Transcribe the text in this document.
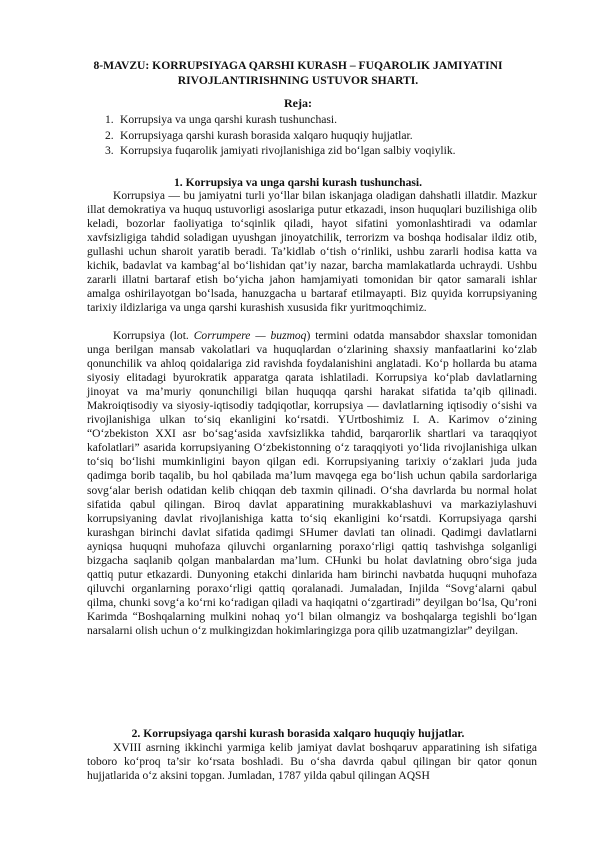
8-MAVZU: KORRUPSIYAGA QARSHI KURASH – FUQAROLIK JAMIYATINI RIVOJLANTIRISHNING USTUVOR SHARTI.
Reja:
1. Korrupsiya va unga qarshi kurash tushunchasi.
2. Korrupsiyaga qarshi kurash borasida xalqaro huquqiy hujjatlar.
3. Korrupsiya fuqarolik jamiyati rivojlanishiga zid bo‘lgan salbiy voqiylik.
1. Korrupsiya va unga qarshi kurash tushunchasi.

Korrupsiya — bu jamiyatni turli yo‘llar bilan iskanjaga oladigan dahshatli illatdir. Mazkur illat demokratiya va huquq ustuvorligi asoslariga putur etkazadi, inson huquqlari buzilishiga olib keladi, bozorlar faoliyatiga to‘sqinlik qiladi, hayot sifatini yomonlashtiradi va odamlar xavfsizligiga tahdid soladigan uyushgan jinoyatchilik, terrorizm va boshqa hodisalar ildiz otib, gullashi uchun sharoit yaratib beradi. Ta’kidlab o‘tish o‘rinliki, ushbu zararli hodisa katta va kichik, badavlat va kambag‘al bo‘lishidan qat’iy nazar, barcha mamlakatlarda uchraydi. Ushbu zararli illatni bartaraf etish bo‘yicha jahon hamjamiyati tomonidan bir qator samarali ishlar amalga oshirilayotgan bo‘lsada, hanuzgacha u bartaraf etilmayapti. Biz quyida korrupsiyaning tarixiy ildizlariga va unga qarshi kurashish xususida fikr yuritmoqchimiz.

Korrupsiya (lot. Corrumpere — buzmoq) termini odatda mansabdor shaxslar tomonidan unga berilgan mansab vakolatlari va huquqlardan o‘zlarining shaxsiy manfaatlarini ko‘zlab qonunchilik va ahloq qoidalariga zid ravishda foydalanishini anglatadi. Ko‘p hollarda bu atama siyosiy elitadagi byurokratik apparatga qarata ishlatiladi. Korrupsiya ko‘plab davlatlarning jinoyat va ma’muriy qonunchiligi bilan huquqqa qarshi harakat sifatida ta’qib qilinadi. Makroiqtisodiy va siyosiy-iqtisodiy tadqiqotlar, korrupsiya — davlatlarning iqtisodiy o‘sishi va rivojlanishiga ulkan to‘siq ekanligini ko‘rsatdi. YUrtboshimiz I. A. Karimov o‘zining “O‘zbekiston XXI asr bo‘sag‘asida xavfsizlikka tahdid, barqarorlik shartlari va taraqqiyot kafolatlari” asarida korrupsiyaning O‘zbekistonning o‘z taraqqiyoti yo‘lida rivojlanishiga ulkan to‘siq bo‘lishi mumkinligini bayon qilgan edi. Korrupsiyaning tarixiy o‘zaklari juda juda qadimga borib taqalib, bu hol qabilada ma’lum mavqega ega bo‘lish uchun qabila sardorlariga sovg‘alar berish odatidan kelib chiqqan deb taxmin qilinadi. O‘sha davrlarda bu normal holat sifatida qabul qilingan. Biroq davlat apparatining murakkablashuvi va markaziylashuvi korrupsiyaning davlat rivojlanishiga katta to‘siq ekanligini ko‘rsatdi. Korrupsiyaga qarshi kurashgan birinchi davlat sifatida qadimgi SHumer davlati tan olinadi. Qadimgi davlatlarni ayniqsa huquqni muhofaza qiluvchi organlarning poraxo‘rligi qattiq tashvishga solganligi bizgacha saqlanib qolgan manbalardan ma’lum. CHunki bu holat davlatning obro‘siga juda qattiq putur etkazardi. Dunyoning etakchi dinlarida ham birinchi navbatda huquqni muhofaza qiluvchi organlarning poraxo‘rligi qattiq qoralanadi. Jumaladan, Injilda “Sovg‘alarni qabul qilma, chunki sovg‘a ko‘rni ko‘radigan qiladi va haqiqatni o‘zgartiradi” deyilgan bo‘lsa, Qu’roni Karimda “Boshqalarning mulkini nohaq yo‘l bilan olmangiz va boshqalarga tegishli bo‘lgan narsalarni olish uchun o‘z mulkingizdan hokimlaringizga pora qilib uzatmangizlar” deyilgan.

2. Korrupsiyaga qarshi kurash borasida xalqaro huquqiy hujjatlar.

XVIII asrning ikkinchi yarmiga kelib jamiyat davlat boshqaruv apparatining ish sifatiga toboro ko‘proq ta’sir ko‘rsata boshladi. Bu o‘sha davrda qabul qilingan bir qator qonun hujjatlarida o‘z aksini topgan. Jumladan, 1787 yilda qabul qilingan AQSH
